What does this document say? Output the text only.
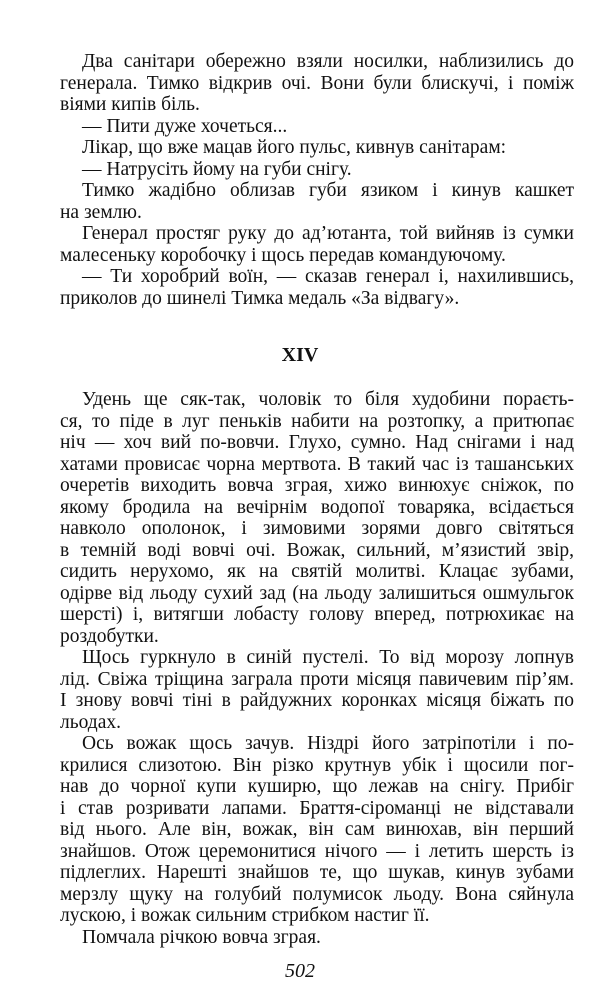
Два санітари обережно взяли носилки, наблизились до
генерала. Тимко відкрив очі. Вони були блискучі, і поміж
віями кипів біль.
— Пити дуже хочеться...
Лікар, що вже мацав його пульс, кивнув санітарам:
— Натрусіть йому на губи снігу.
Тимко жадібно облизав губи язиком і кинув кашкет
на землю.
Генерал простяг руку до ад’ютанта, той вийняв із сумки
малесеньку коробочку і щось передав командуючому.
— Ти хоробрий воїн, — сказав генерал і, нахилившись,
приколов до шинелі Тимка медаль «За відвагу».
XIV
Удень ще сяк-так, чоловік то біля худобини пораєть-
ся, то піде в луг пеньків набити на розтопку, а притюпає
ніч — хоч вий по-вовчи. Глухо, сумно. Над снігами і над
хатами провисає чорна мертвота. В такий час із ташанських
очеретів виходить вовча зграя, хижо винюхує сніжок, по
якому бродила на вечірнім водопої товаряка, всідається
навколо ополонок, і зимовими зорями довго світяться
в темній воді вовчі очі. Вожак, сильний, м’язистий звір,
сидить нерухомо, як на святій молитві. Клацає зубами,
одірве від льоду сухий зад (на льоду залишиться ошмульгок
шерсті) і, витягши лобасту голову вперед, потрюхикає на
роздобутки.
Щось гуркнуло в синій пустелі. То від морозу лопнув
лід. Свіжа тріщина заграла проти місяця павичевим пір’ям.
І знову вовчі тіні в райдужних коронках місяця біжать по
льодах.
Ось вожак щось зачув. Ніздрі його затріпотіли і по-
крилися слизотою. Він різко крутнув убік і щосили пог-
нав до чорної купи куширю, що лежав на снігу. Прибіг
і став розривати лапами. Браття-сіроманці не відставали
від нього. Але він, вожак, він сам винюхав, він перший
знайшов. Отож церемонитися нічого — і летить шерсть із
підлеглих. Нарешті знайшов те, що шукав, кинув зубами
мерзлу щуку на голубий полумисок льоду. Вона сяйнула
лускою, і вожак сильним стрибком настиг її.
Помчала річкою вовча зграя.
502
